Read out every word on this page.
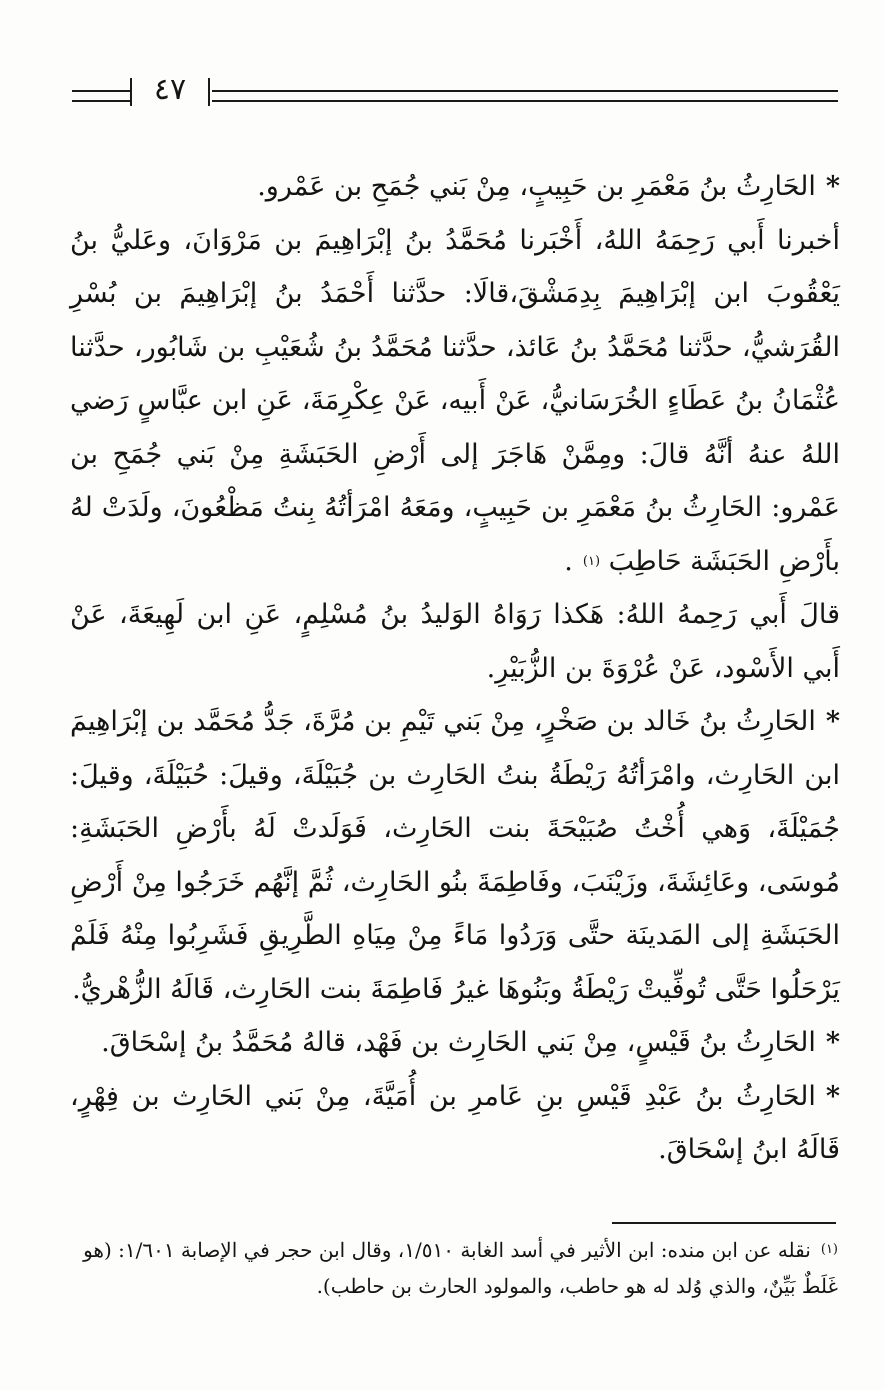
٤٧

*الحَارِثُ بنُ مَعْمَرِ بن حَبِيبٍ، مِنْ بَني جُمَحِ بن عَمْرو.

أخبرنا أَبي رَحِمَهُ اللهُ، أَخْبَرنا مُحَمَّدُ بنُ إبْرَاهِيمَ بن مَرْوَانَ، وعَليُّ بنُ يَعْقُوبَ ابن إبْرَاهِيمَ بِدِمَشْقَ،قالَا: حدَّثنا أَحْمَدُ بنُ إبْرَاهِيمَ بن بُسْرِ القُرَشيُّ، حدَّثنا مُحَمَّدُ بنُ عَائذ، حدَّثنا مُحَمَّدُ بنُ شُعَيْبِ بن شَابُور، حدَّثنا عُثْمَانُ بنُ عَطَاءٍ الخُرَسَانيُّ، عَنْ أَبيه، عَنْ عِكْرِمَةَ، عَنِ ابن عبَّاسٍ رَضي اللهُ عنهُ أنَّهُ قالَ: ومِمَّنْ هَاجَرَ إلى أَرْضِ الحَبَشَةِ مِنْ بَني جُمَحِ بن عَمْرو: الحَارِثُ بنُ مَعْمَرِ بن حَبِيبٍ، ومَعَهُ امْرَأتُهُ بِنتُ مَظْعُونَ، ولَدَتْ لهُ بأَرْضِ الحَبَشَة حَاطِبَ $^{(١)}$.

قالَ أَبي رَحِمهُ اللهُ: هَكذا رَوَاهُ الوَليدُ بنُ مُسْلِمٍ، عَنِ ابن لَهِيعَةَ، عَنْ أَبي الأَسْود، عَنْ عُرْوَةَ بن الزُّبَيْرِ.

*الحَارِثُ بنُ خَالد بن صَخْرٍ، مِنْ بَني تَيْمِ بن مُرَّةَ، جَدُّ مُحَمَّد بن إبْرَاهِيمَ ابن الحَارِث، وامْرَأتُهُ رَيْطَةُ بنتُ الحَارِث بن جُبَيْلَةَ، وقيلَ: حُبَيْلَةَ، وقيلَ: جُمَيْلَةَ، وَهي أُخْتُ صُبَيْحَةَ بنت الحَارِث، فَوَلَدتْ لَهُ بأَرْضِ الحَبَشَةِ: مُوسَى، وعَائِشَةَ، وزَيْنَبَ، وفَاطِمَةَ بنُو الحَارِث، ثُمَّ إنَّهُم خَرَجُوا مِنْ أَرْضِ الحَبَشَةِ إلى المَدينَة حتَّى وَرَدُوا مَاءً مِنْ مِيَاهِ الطَّرِيقِ فَشَرِبُوا مِنْهُ فَلَمْ يَرْحَلُوا حَتَّى تُوفِّيتْ رَيْطَةُ وبَنُوهَا غيرُ فَاطِمَةَ بنت الحَارِث، قَالَهُ الزُّهْريُّ.

*الحَارِثُ بنُ قَيْسٍ، مِنْ بَني الحَارِث بن فَهْد، قالهُ مُحَمَّدُ بنُ إسْحَاقَ.

*الحَارِثُ بنُ عَبْدِ قَيْسِ بنِ عَامرِ بن أُمَيَّةَ، مِنْ بَني الحَارِث بن فِهْرٍ، قَالَهُ ابنُ إسْحَاقَ.

$^{(١)}$نقله عن ابن منده: ابن الأثير في أسد الغابة ١/٥١٠، وقال ابن حجر في الإصابة ١/٦٠١: (هو غَلَطٌ بَيِّنٌ، والذي وُلد له هو حاطب، والمولود الحارث بن حاطب).
